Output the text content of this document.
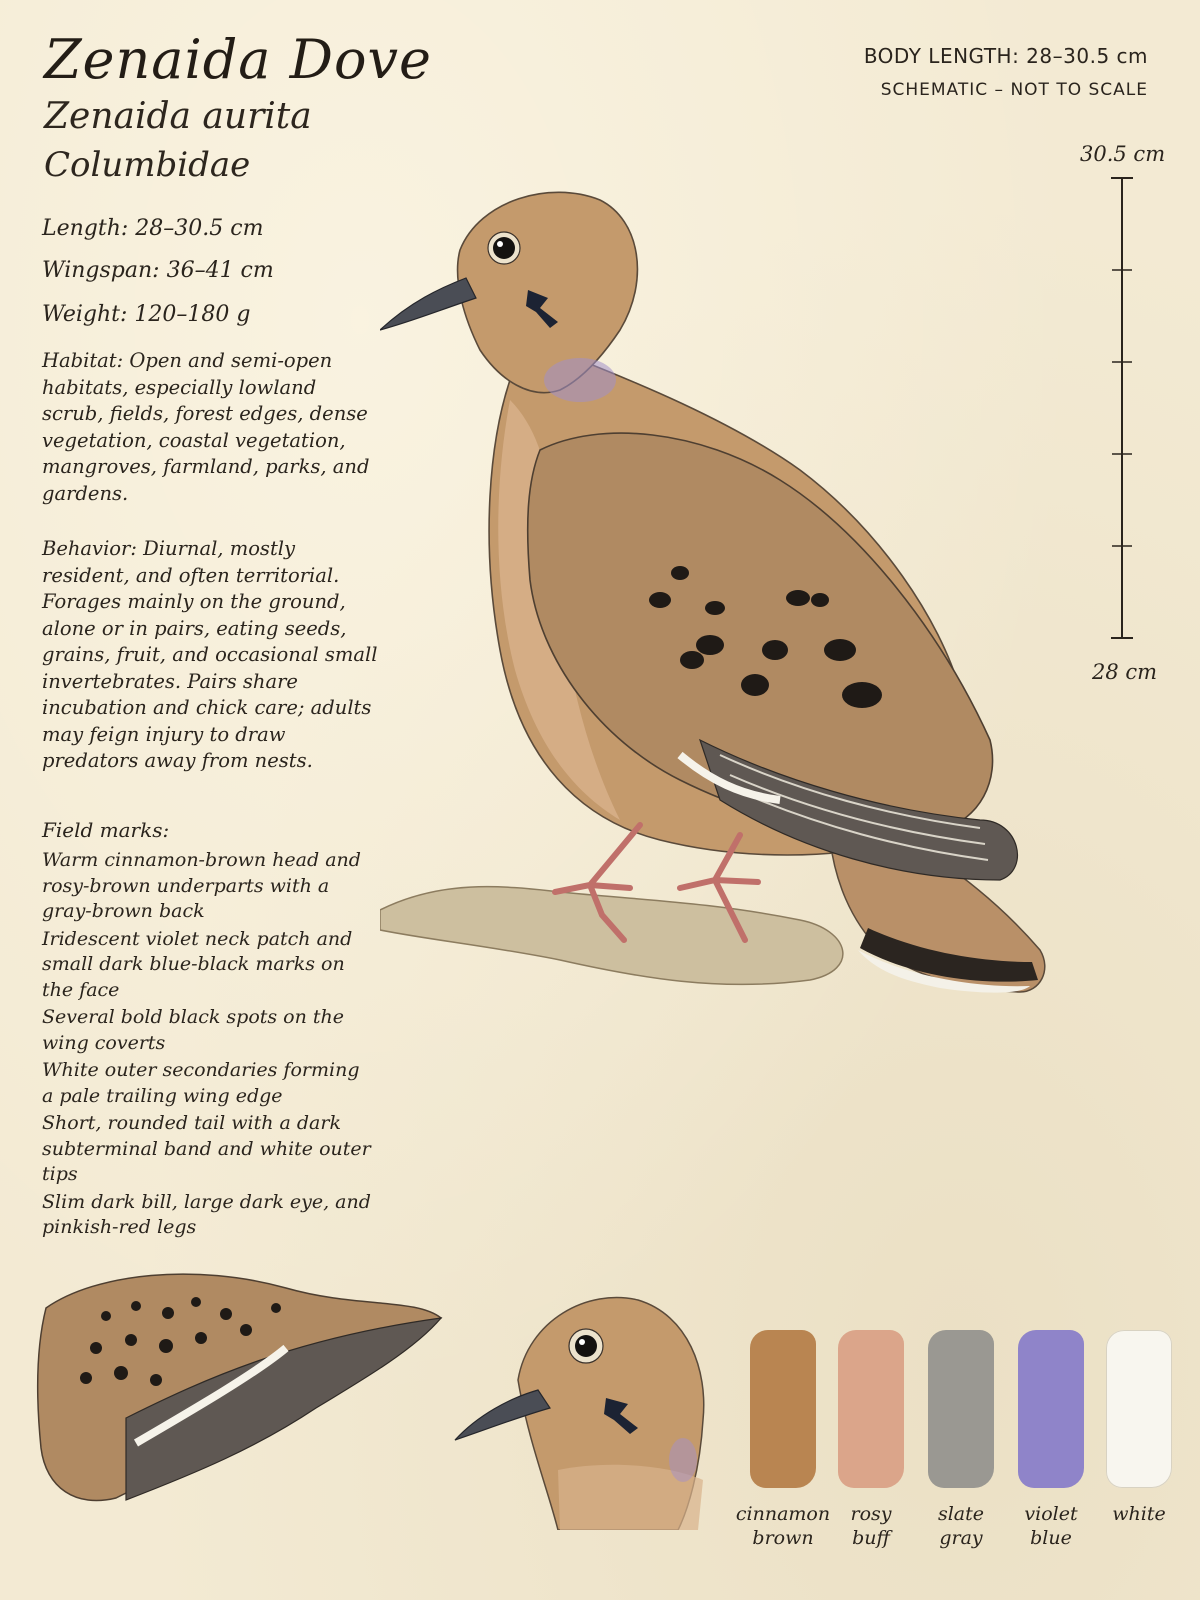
Zenaida Dove
Zenaida aurita
Columbidae
BODY LENGTH: 28–30.5 cm
SCHEMATIC – NOT TO SCALE
Length: 28–30.5 cm
Wingspan: 36–41 cm
Weight: 120–180 g

Habitat: Open and semi-open habitats, especially lowland scrub, fields, forest edges, dense vegetation, coastal vegetation, mangroves, farmland, parks, and gardens.

Behavior: Diurnal, mostly resident, and often territorial. Forages mainly on the ground, alone or in pairs, eating seeds, grains, fruit, and occasional small invertebrates. Pairs share incubation and chick care; adults may feign injury to draw predators away from nests.

Field marks:
Warm cinnamon-brown head and rosy-brown underparts with a gray-brown back
Iridescent violet neck patch and small dark blue-black marks on the face
Several bold black spots on the wing coverts
White outer secondaries forming a pale trailing wing edge
Short, rounded tail with a dark subterminal band and white outer tips
Slim dark bill, large dark eye, and pinkish-red legs
30.5 cm
28 cm
cinnamon
brown
rosy
buff
slate
gray
violet
blue
white
